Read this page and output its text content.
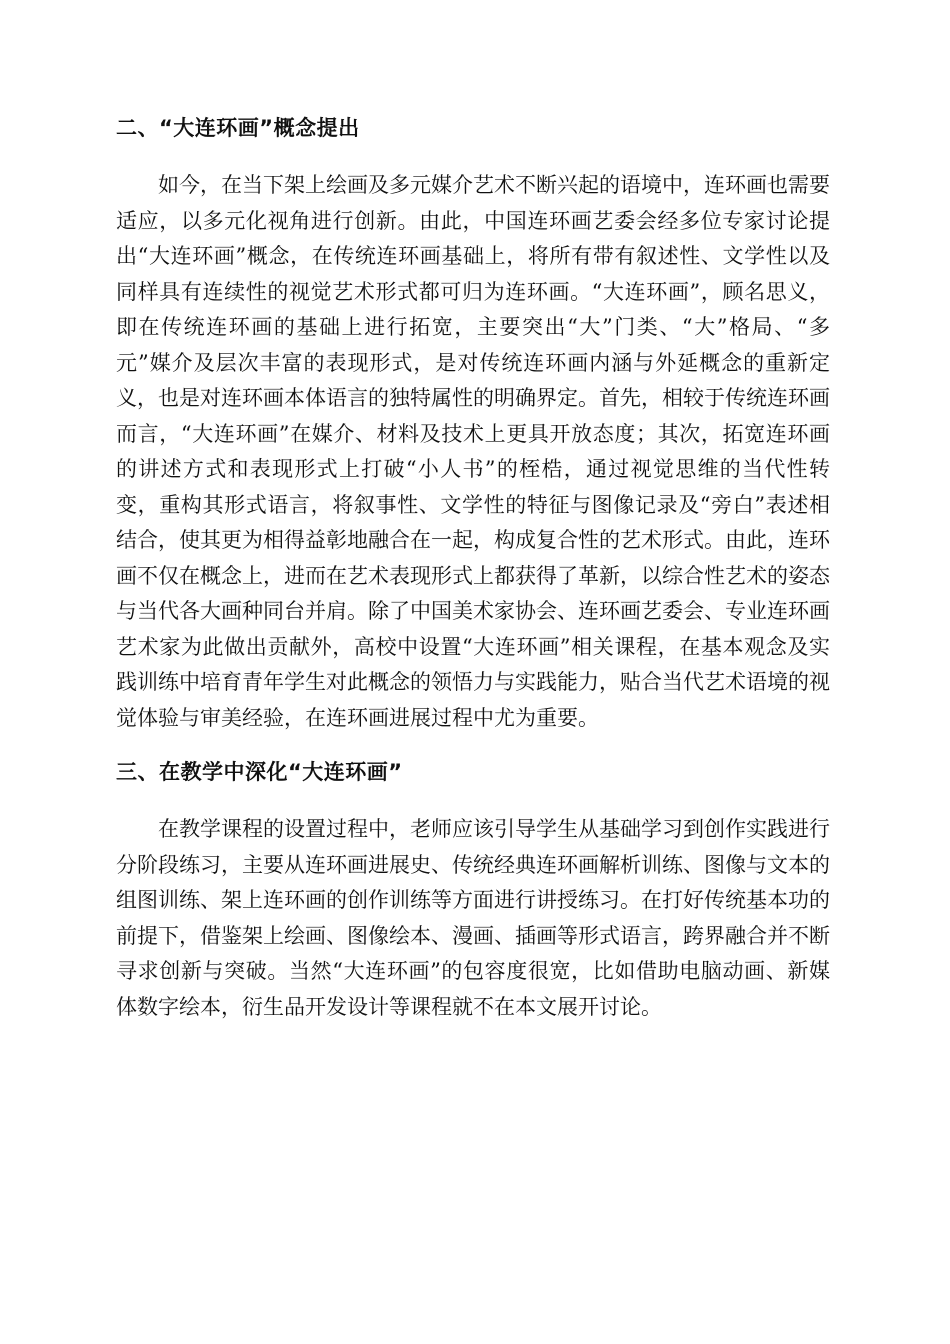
二、“大连环画”概念提出

如今，在当下架上绘画及多元媒介艺术不断兴起的语境中，连环画也需要适应，以多元化视角进行创新。由此，中国连环画艺委会经多位专家讨论提出“大连环画”概念，在传统连环画基础上，将所有带有叙述性、文学性以及同样具有连续性的视觉艺术形式都可归为连环画。“大连环画”，顾名思义，即在传统连环画的基础上进行拓宽，主要突出“大”门类、“大”格局、“多元”媒介及层次丰富的表现形式，是对传统连环画内涵与外延概念的重新定义，也是对连环画本体语言的独特属性的明确界定。首先，相较于传统连环画而言，“大连环画”在媒介、材料及技术上更具开放态度；其次，拓宽连环画的讲述方式和表现形式上打破“小人书”的桎梏，通过视觉思维的当代性转变，重构其形式语言，将叙事性、文学性的特征与图像记录及“旁白”表述相结合，使其更为相得益彰地融合在一起，构成复合性的艺术形式。由此，连环画不仅在概念上，进而在艺术表现形式上都获得了革新，以综合性艺术的姿态与当代各大画种同台并肩。除了中国美术家协会、连环画艺委会、专业连环画艺术家为此做出贡献外，高校中设置“大连环画”相关课程，在基本观念及实践训练中培育青年学生对此概念的领悟力与实践能力，贴合当代艺术语境的视觉体验与审美经验，在连环画进展过程中尤为重要。

三、在教学中深化“大连环画”

在教学课程的设置过程中，老师应该引导学生从基础学习到创作实践进行分阶段练习，主要从连环画进展史、传统经典连环画解析训练、图像与文本的组图训练、架上连环画的创作训练等方面进行讲授练习。在打好传统基本功的前提下，借鉴架上绘画、图像绘本、漫画、插画等形式语言，跨界融合并不断寻求创新与突破。当然“大连环画”的包容度很宽，比如借助电脑动画、新媒体数字绘本，衍生品开发设计等课程就不在本文展开讨论。
